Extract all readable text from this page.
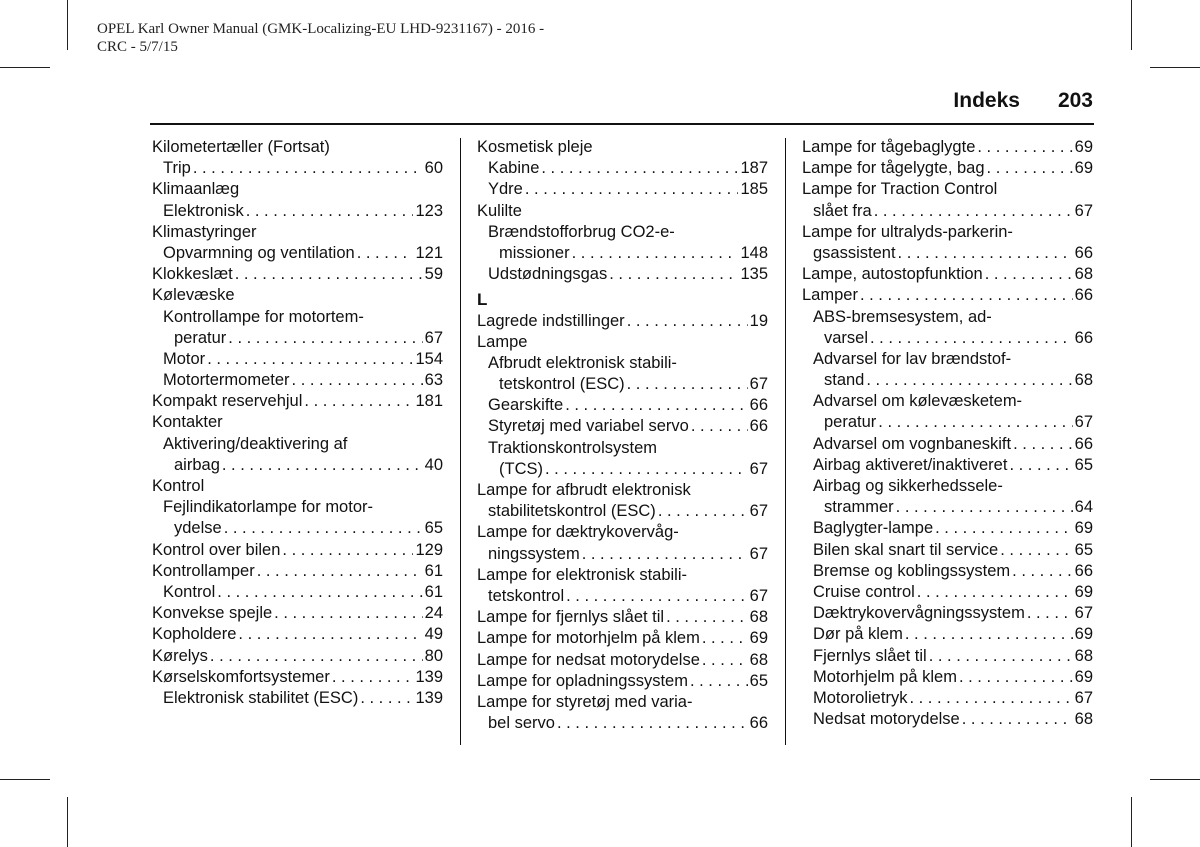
OPEL Karl Owner Manual (GMK-Localizing-EU LHD-9231167) - 2016 -
CRC - 5/7/15
Indeks 203
Kilometertæller (Fortsat)
Trip . . .	60
Klimaanlæg
Elektronisk . . .	123
Klimastyringer
Opvarmning og ventilation . . .	121
Klokkeslæt . . .	59
Kølevæske
Kontrollampe for motortem-
peratur . . .	67
Motor . . .	154
Motortermometer . . .	63
Kompakt reservehjul . . .	181
Kontakter
Aktivering/deaktivering af
airbag . . .	40
Kontrol
Fejlindikatorlampe for motor-
ydelse . . .	65
Kontrol over bilen . . .	129
Kontrollamper . . .	61
Kontrol . . .	61
Konvekse spejle . . .	24
Kopholdere . . .	49
Kørelys . . .	80
Kørselskomfortsystemer . . .	139
Elektronisk stabilitet (ESC) . . .	139
Kosmetisk pleje
Kabine . . .	187
Ydre . . .	185
Kulilte
Brændstofforbrug CO2-e-
missioner . . .	148
Udstødningsgas . . .	135
L
Lagrede indstillinger . . .	19
Lampe
Afbrudt elektronisk stabili-
tetskontrol (ESC) . . .	67
Gearskifte . . .	66
Styretøj med variabel servo . . .	66
Traktionskontrolsystem
(TCS) . . .	67
Lampe for afbrudt elektronisk
stabilitetskontrol (ESC) . . .	67
Lampe for dæktrykovervåg-
ningssystem . . .	67
Lampe for elektronisk stabili-
tetskontrol . . .	67
Lampe for fjernlys slået til . . .	68
Lampe for motorhjelm på klem . . .	69
Lampe for nedsat motorydelse . . .	68
Lampe for opladningssystem . . .	65
Lampe for styretøj med varia-
bel servo . . .	66
Lampe for tågebaglygte . . .	69
Lampe for tågelygte, bag . . .	69
Lampe for Traction Control
slået fra . . .	67
Lampe for ultralyds-parkerin-
gsassistent . . .	66
Lampe, autostopfunktion . . .	68
Lamper . . .	66
ABS-bremsesystem, ad-
varsel . . .	66
Advarsel for lav brændstof-
stand . . .	68
Advarsel om kølevæsketem-
peratur . . .	67
Advarsel om vognbaneskift . . .	66
Airbag aktiveret/inaktiveret . . .	65
Airbag og sikkerhedssele-
strammer . . .	64
Baglygter-lampe . . .	69
Bilen skal snart til service . . .	65
Bremse og koblingssystem . . .	66
Cruise control . . .	69
Dæktrykovervågningssystem . . .	67
Dør på klem . . .	69
Fjernlys slået til . . .	68
Motorhjelm på klem . . .	69
Motorolietryk . . .	67
Nedsat motorydelse . . .	68
